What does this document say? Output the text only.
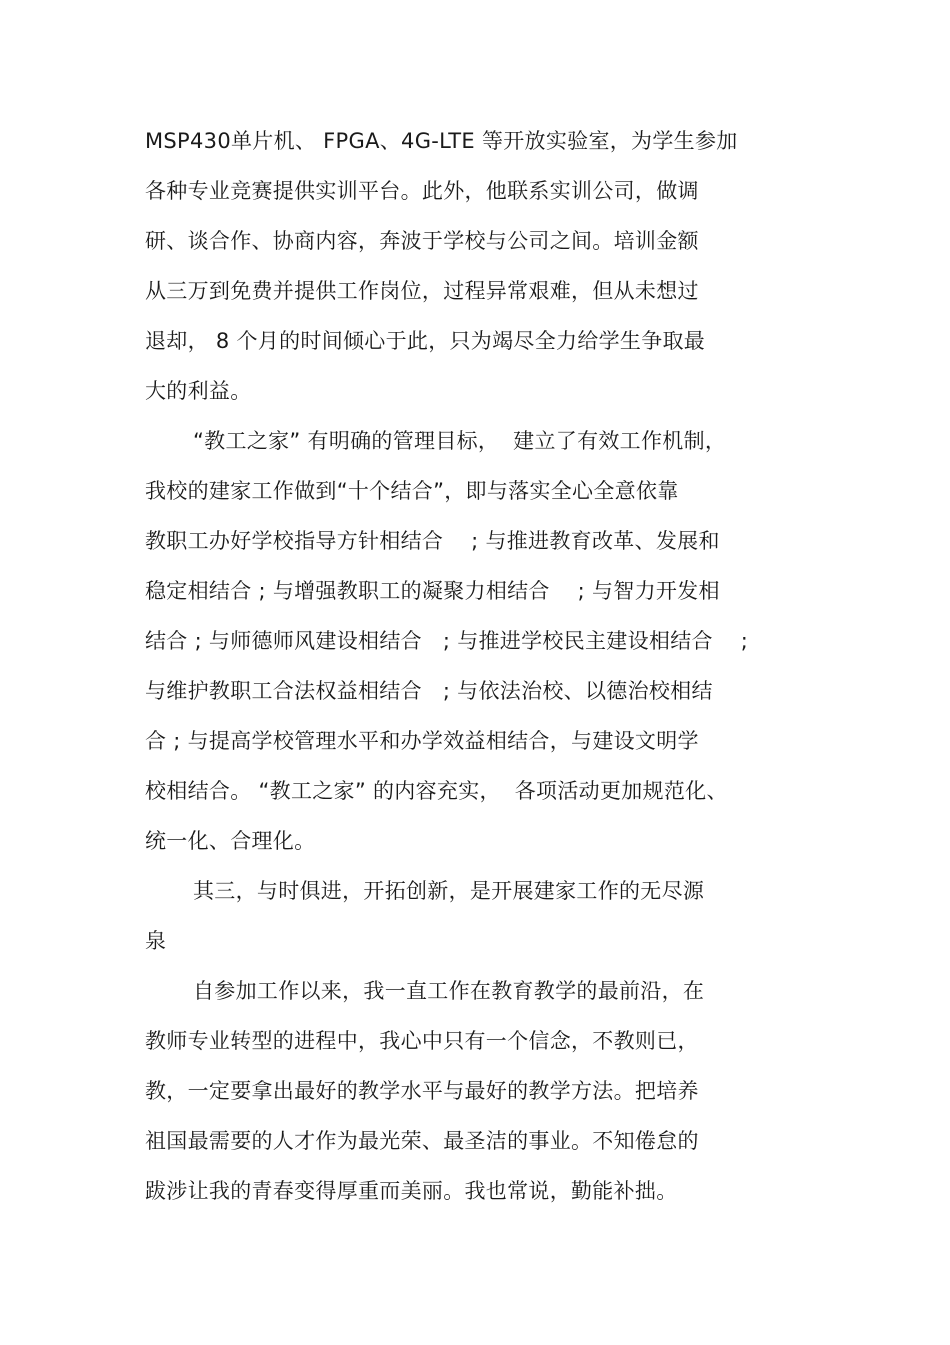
MSP430单片机、 FPGA、4G-LTE 等开放实验室，为学生参加
各种专业竞赛提供实训平台。此外，他联系实训公司，做调
研、谈合作、协商内容，奔波于学校与公司之间。培训金额
从三万到免费并提供工作岗位，过程异常艰难，但从未想过
退却， 8 个月的时间倾心于此，只为竭尽全力给学生争取最
大的利益。
“教工之家” 有明确的管理目标，  建立了有效工作机制，
我校的建家工作做到“十个结合”，即与落实全心全意依靠
教职工办好学校指导方针相结合    ; 与推进教育改革、发展和
稳定相结合 ; 与增强教职工的凝聚力相结合    ; 与智力开发相
结合 ; 与师德师风建设相结合   ; 与推进学校民主建设相结合    ;
与维护教职工合法权益相结合   ; 与依法治校、以德治校相结
合 ; 与提高学校管理水平和办学效益相结合，与建设文明学
校相结合。 “教工之家” 的内容充实，  各项活动更加规范化、
统一化、合理化。
其三，与时俱进，开拓创新，是开展建家工作的无尽源
泉
自参加工作以来，我一直工作在教育教学的最前沿，在
教师专业转型的进程中，我心中只有一个信念，不教则已，
教，一定要拿出最好的教学水平与最好的教学方法。把培养
祖国最需要的人才作为最光荣、最圣洁的事业。不知倦怠的
跋涉让我的青春变得厚重而美丽。我也常说，勤能补拙。
